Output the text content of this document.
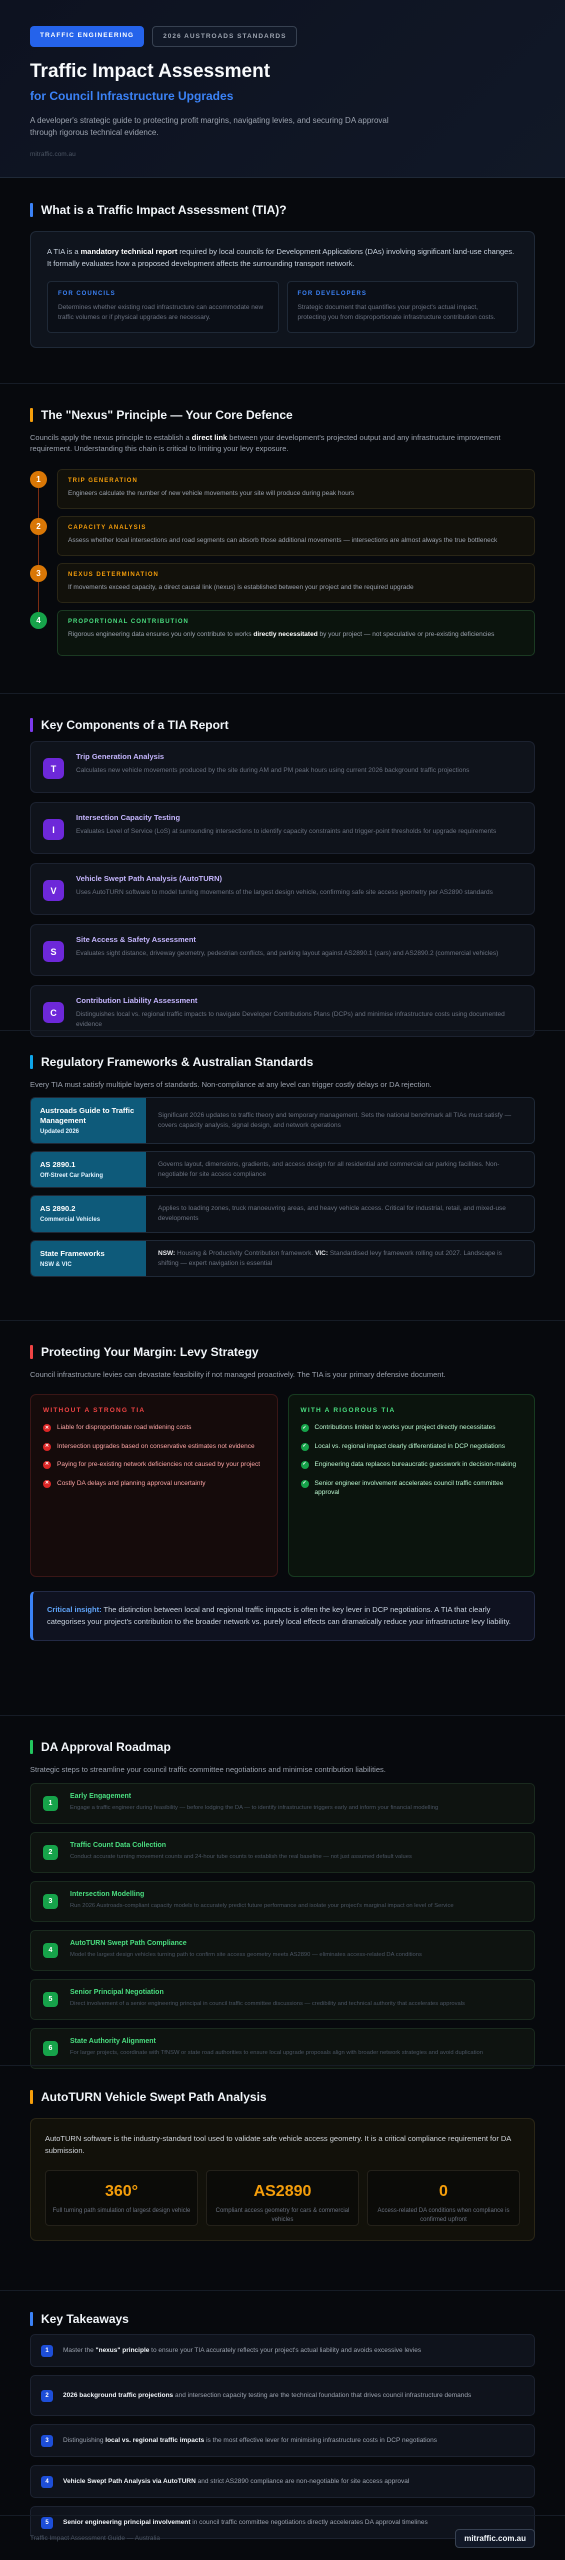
TRAFFIC ENGINEERING	2026 AUSTROADS STANDARDS
Traffic Impact Assessment
for Council Infrastructure Upgrades

A developer's strategic guide to protecting profit margins, navigating levies, and securing DA approval through rigorous technical evidence.

mitraffic.com.au
What is a Traffic Impact Assessment (TIA)?
A TIA is a mandatory technical report required by local councils for Development Applications (DAs) involving significant land-use changes. It formally evaluates how a proposed development affects the surrounding transport network.
FOR COUNCILS
Determines whether existing road infrastructure can accommodate new traffic volumes or if physical upgrades are necessary.
FOR DEVELOPERS
Strategic document that quantifies your project's actual impact, protecting you from disproportionate infrastructure contribution costs.
The "Nexus" Principle — Your Core Defence
Councils apply the nexus principle to establish a direct link between your development's projected output and any infrastructure improvement requirement. Understanding this chain is critical to limiting your levy exposure.
1	TRIP GENERATION
Engineers calculate the number of new vehicle movements your site will produce during peak hours
2	CAPACITY ANALYSIS
Assess whether local intersections and road segments can absorb those additional movements — intersections are almost always the true bottleneck
3	NEXUS DETERMINATION
If movements exceed capacity, a direct causal link (nexus) is established between your project and the required upgrade
4	PROPORTIONAL CONTRIBUTION
Rigorous engineering data ensures you only contribute to works directly necessitated by your project — not speculative or pre-existing deficiencies
Key Components of a TIA Report
T
Trip Generation Analysis
Calculates new vehicle movements produced by the site during AM and PM peak hours using current 2026 background traffic projections
I
Intersection Capacity Testing
Evaluates Level of Service (LoS) at surrounding intersections to identify capacity constraints and trigger-point thresholds for upgrade requirements
V
Vehicle Swept Path Analysis (AutoTURN)
Uses AutoTURN software to model turning movements of the largest design vehicle, confirming safe site access geometry per AS2890 standards
S
Site Access & Safety Assessment
Evaluates sight distance, driveway geometry, pedestrian conflicts, and parking layout against AS2890.1 (cars) and AS2890.2 (commercial vehicles)
C
Contribution Liability Assessment
Distinguishes local vs. regional traffic impacts to navigate Developer Contributions Plans (DCPs) and minimise infrastructure costs using documented evidence
Regulatory Frameworks & Australian Standards
Every TIA must satisfy multiple layers of standards. Non-compliance at any level can trigger costly delays or DA rejection.
Austroads Guide to Traffic Management
Updated 2026
Significant 2026 updates to traffic theory and temporary management. Sets the national benchmark all TIAs must satisfy — covers capacity analysis, signal design, and network operations
AS 2890.1
Off-Street Car Parking
Governs layout, dimensions, gradients, and access design for all residential and commercial car parking facilities. Non-negotiable for site access compliance
AS 2890.2
Commercial Vehicles
Applies to loading zones, truck manoeuvring areas, and heavy vehicle access. Critical for industrial, retail, and mixed-use developments
State Frameworks
NSW & VIC
NSW: Housing & Productivity Contribution framework. VIC: Standardised levy framework rolling out 2027. Landscape is shifting — expert navigation is essential
Protecting Your Margin: Levy Strategy
Council infrastructure levies can devastate feasibility if not managed proactively. The TIA is your primary defensive document.
WITHOUT A STRONG TIA
✕ Liable for disproportionate road widening costs
✕ Intersection upgrades based on conservative estimates not evidence
✕ Paying for pre-existing network deficiencies not caused by your project
✕ Costly DA delays and planning approval uncertainty
WITH A RIGOROUS TIA
✓ Contributions limited to works your project directly necessitates
✓ Local vs. regional impact clearly differentiated in DCP negotiations
✓ Engineering data replaces bureaucratic guesswork in decision-making
✓ Senior engineer involvement accelerates council traffic committee approval
Critical insight: The distinction between local and regional traffic impacts is often the key lever in DCP negotiations. A TIA that clearly categorises your project's contribution to the broader network vs. purely local effects can dramatically reduce your infrastructure levy liability.
DA Approval Roadmap
Strategic steps to streamline your council traffic committee negotiations and minimise contribution liabilities.
1
Early Engagement
Engage a traffic engineer during feasibility — before lodging the DA — to identify infrastructure triggers early and inform your financial modelling
2
Traffic Count Data Collection
Conduct accurate turning movement counts and 24-hour tube counts to establish the real baseline — not just assumed default values
3
Intersection Modelling
Run 2026 Austroads-compliant capacity models to accurately predict future performance and isolate your project's marginal impact on level of Service
4
AutoTURN Swept Path Compliance
Model the largest design vehicles turning path to confirm site access geometry meets AS2890 — eliminates access-related DA conditions
5
Senior Principal Negotiation
Direct involvement of a senior engineering principal in council traffic committee discussions — credibility and technical authority that accelerates approvals
6
State Authority Alignment
For larger projects, coordinate with TfNSW or state road authorities to ensure local upgrade proposals align with broader network strategies and avoid duplication
AutoTURN Vehicle Swept Path Analysis
AutoTURN software is the industry-standard tool used to validate safe vehicle access geometry. It is a critical compliance requirement for DA submission.
360°
Full turning path simulation of largest design vehicle
AS2890
Compliant access geometry for cars & commercial vehicles
0
Access-related DA conditions when compliance is confirmed upfront
Key Takeaways
1	Master the "nexus" principle to ensure your TIA accurately reflects your project's actual liability and avoids excessive levies
2	2026 background traffic projections and intersection capacity testing are the technical foundation that drives council infrastructure demands
3	Distinguishing local vs. regional traffic impacts is the most effective lever for minimising infrastructure costs in DCP negotiations
4	Vehicle Swept Path Analysis via AutoTURN and strict AS2890 compliance are non-negotiable for site access approval
5	Senior engineering principal involvement in council traffic committee negotiations directly accelerates DA approval timelines
Traffic Impact Assessment Guide — Australia	mitraffic.com.au
